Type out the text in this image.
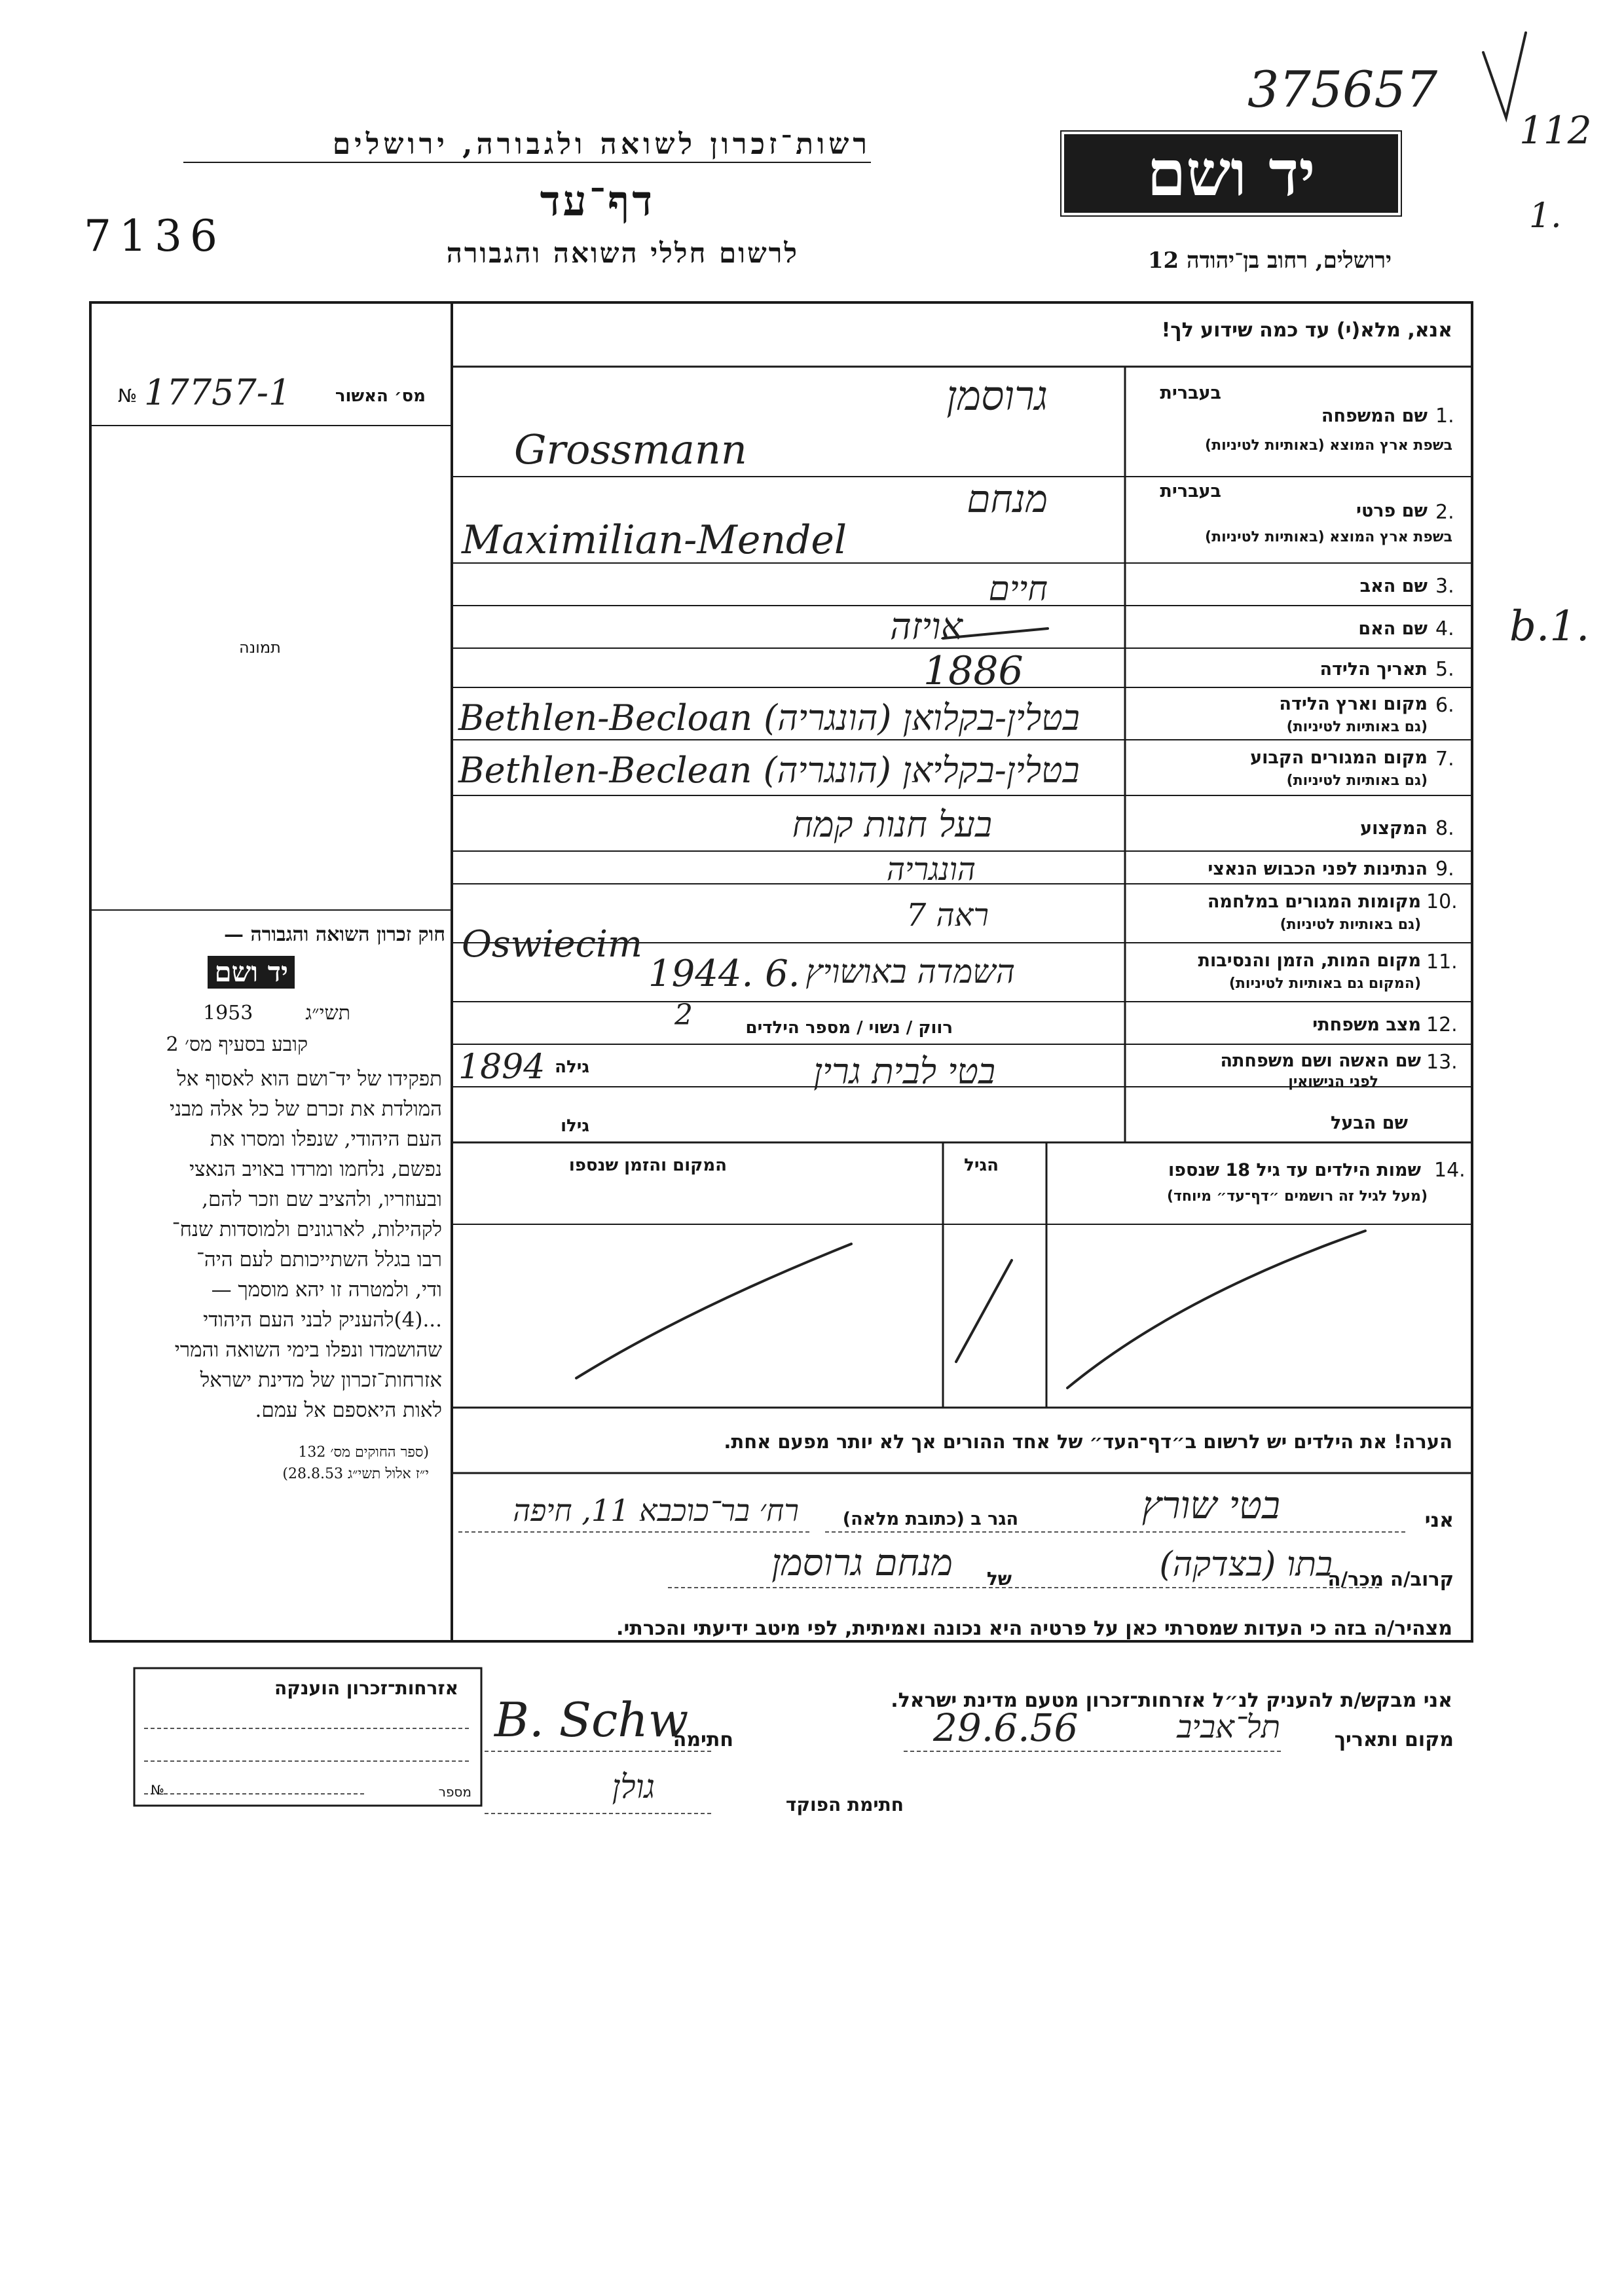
רשות־זכרון לשואה ולגבורה, ירושלים
דף־עד
לרשום חללי השואה והגבורה
7136
יד ושם
ירושלים, רחוב בן־יהודה 12
375657
112
1.
b.1.
אנא, מלא(י) עד כמה שידוע לך!
מס׳ האשור
№ 17757-1
תמונה
חוק זכרון השואה והגבורה —
יד ושם
תשי״ג
1953
קובע בסעיף מס׳ 2
תפקידו של יד־ושם הוא לאסוף אל
המולדת את זכרם של כל אלה מבני
העם היהודי, שנפלו ומסרו את
נפשם, נלחמו ומרדו באויב הנאצי
ובעוזריו, ולהציב שם וזכר להם,
לקהילות, לארגונים ולמוסדות שנח־
רבו בגלל השתייכותם לעם היה־
ודי, ולמטרה זו יהא מוסמך —
...(4)להעניק לבני העם היהודי
שהושמדו ונפלו בימי השואה והמרי
אזרחות־זכרון של מדינת ישראל
לאות היאספם אל עמם.
(ספר החוקים מס׳ 132
י״ז אלול תשי״ג 28.8.53)
בעברית
1.
שם המשפחה
בשפת ארץ המוצא (באותיות לטיניות)
בעברית
2.
שם פרטי
בשפת ארץ המוצא (באותיות לטיניות)
3.
שם האב
4.
שם האם
5.
תאריך הלידה
6.
מקום וארץ הלידה
(גם באותיות לטיניות)
7.
מקום המגורים הקבוע
(גם באותיות לטיניות)
8.
המקצוע
9.
הנתינות לפני הכבוש הנאצי
10.
מקומות המגורים במלחמה
(גם באותיות לטיניות)
11.
מקום המות, הזמן והנסיבות
(המקום גם באותיות לטיניות)
12.
מצב משפחתי
רווק / נשוי / מספר הילדים
2
13.
שם האשה ושם משפחתה
לפני הנישואין
גילה
שם הבעל
גילו
גרוסמן
Grossmann
מנחם
Maximilian-Mendel
חיים
אויזה
1886
Bethlen-Becloan (הונגריה) בטלין-בקלואן
Bethlen-Beclean (הונגריה) בטלין-בקליאן
בעל חנות קמח
הונגריה
ראה 7
Oswiecim
1944. 6. השמדה באושויץ
1894	בטי לבית גרין
14.
שמות הילדים עד גיל 18 שנספו
(מעל לגיל זה רושמים ״דף־עד״ מיוחד)
הגיל
המקום והזמן שנספו
הערה! את הילדים יש לרשום ב״דף־העד״ של אחד ההורים אך לא יותר מפעם אחת.
אני
בטי שורץ
הגר ב (כתובת מלאה)
רח׳ בר־כוכבא 11, חיפה
קרוב/ה מכר/ה
בתו (בצדקה)
של
מנחם גרוסמן
מצהיר/ה בזה כי העדות שמסרתי כאן על פרטיה היא נכונה ואמיתית, לפי מיטב ידיעתי והכרתי.
אני מבקש/ת להעניק לנ״ל אזרחות־זכרון מטעם מדינת ישראל.
מקום ותאריך
תל־אביב
29.6.56
חתימה
B. Schw
חתימת הפוקד
גולן
אזרחות־זכרון הוענקה
מספר
№
